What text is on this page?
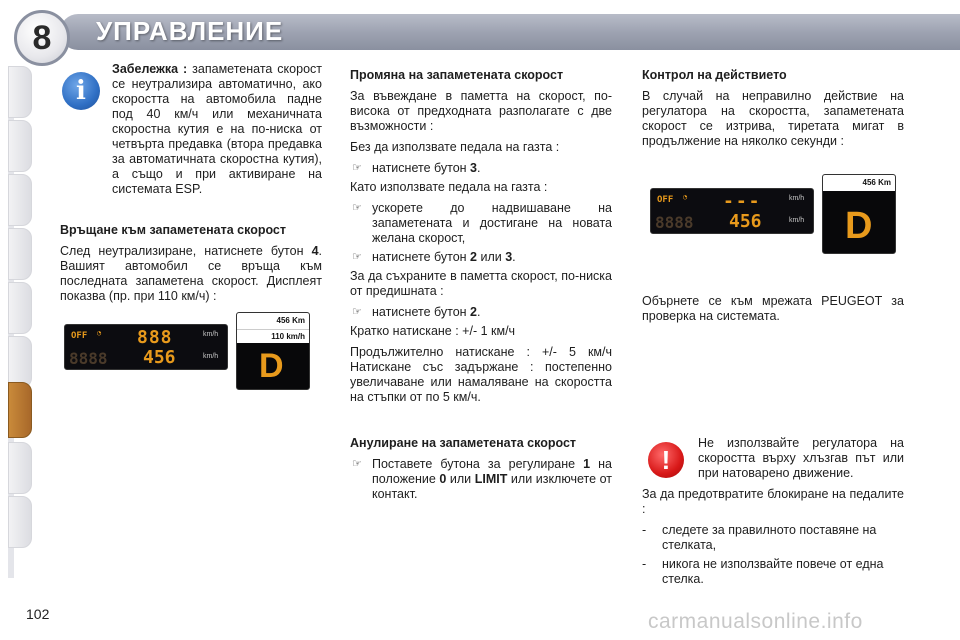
8 УПРАВЛЕНИЕ
i
Забележка : запаметената скорост се неутрализира автоматично, ако скоростта на автомобила падне под 40 км/ч или механичната скоростна кутия е на по-ниска от четвърта предавка (втора предавка за автоматичната скоростна кутия), а също и при активиране на системата ESP.
Връщане към запаметената скорост
След неутрализиране, натиснете бутон 4. Вашият автомобил се връща към последната запаметена скорост. Дисплеят показва (пр. при 110 км/ч) :
OFF ◔ 888	km/h
8888 456	km/h
456 Km
110 km/h
D
Промяна на запаметената скорост
За въвеждане в паметта на скорост, по-висока от предходната разполагате с две възможности :
Без да използвате педала на газта :
☞ натиснете бутон 3.
Като използвате педала на газта :
☞ ускорете до надвишаване на запаметената и достигане на новата желана скорост,
☞ натиснете бутон 2 или 3.
За да съхраните в паметта скорост, по-ниска от предишната :
☞ натиснете бутон 2.
Кратко натискане : +/- 1 км/ч
Продължително натискане : +/- 5 км/ч Натискане със задържане : постепенно увеличаване или намаляване на скоростта на стъпки от по 5 км/ч.
Анулиране на запаметената скорост
☞ Поставете бутона за регулиране 1 на положение 0 или LIMIT или изключете от контакт.
Контрол на действието
В случай на неправилно действие на регулатора на скоростта, запаметената скорост се изтрива, тиретата мигат в продължение на няколко секунди :
OFF ◔ ---	km/h
8888 456	km/h
456 Km
D
Обърнете се към мрежата PEUGEOT за проверка на системата.
!
Не използвайте регулатора на скоростта върху хлъзгав път или при натоварено движение.
За да предотвратите блокиране на педалите :
-	следете за правилното поставяне на стелката,
-	никога не използвайте повече от една стелка.
102	carmanualsonline.info
